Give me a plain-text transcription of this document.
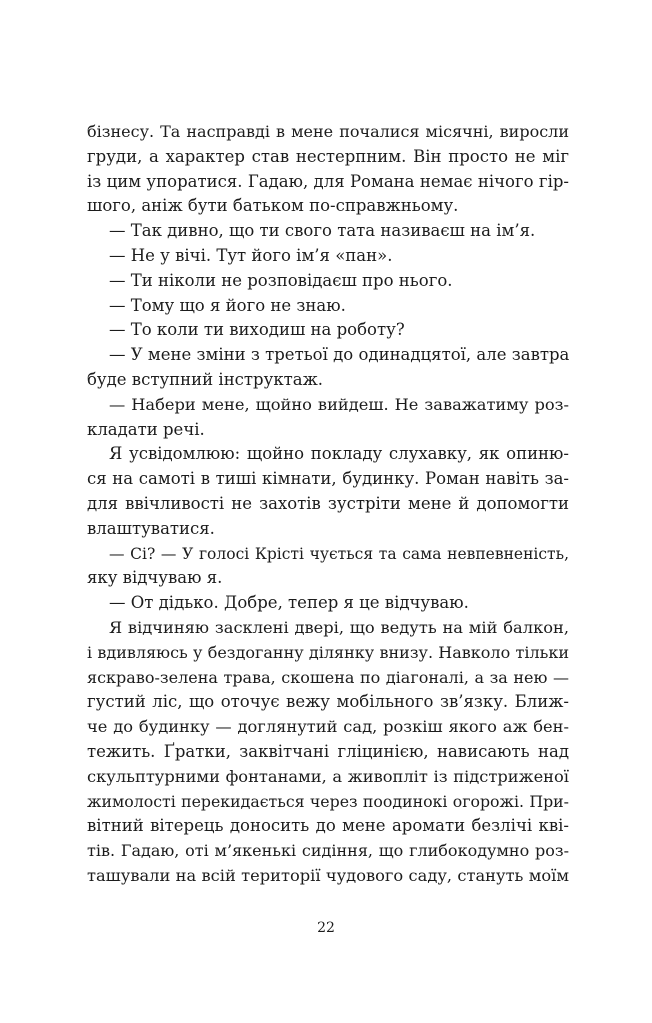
бізнесу. Та насправді в мене почалися місячні, виросли
груди, а характер став нестерпним. Він просто не міг
із цим упоратися. Гадаю, для Романа немає нічого гір-
шого, аніж бути батьком по-справжньому.
— Так дивно, що ти свого тата називаєш на ім’я.
— Не у вічі. Тут його ім’я «пан».
— Ти ніколи не розповідаєш про нього.
— Тому що я його не знаю.
— То коли ти виходиш на роботу?
— У мене зміни з третьої до одинадцятої, але завтра
буде вступний інструктаж.
— Набери мене, щойно вийдеш. Не заважатиму роз-
кладати речі.
Я усвідомлюю: щойно покладу слухавку, як опиню-
ся на самоті в тиші кімнати, будинку. Роман навіть за-
для ввічливості не захотів зустріти мене й допомогти
влаштуватися.
— Сі? — У голосі Крісті чується та сама невпевненість,
яку відчуваю я.
— От дідько. Добре, тепер я це відчуваю.
Я відчиняю засклені двері, що ведуть на мій балкон,
і вдивляюсь у бездоганну ділянку внизу. Навколо тільки
яскраво-зелена трава, скошена по діагоналі, а за нею —
густий ліс, що оточує вежу мобільного зв’язку. Ближ-
че до будинку — доглянутий сад, розкіш якого аж бен-
тежить. Ґратки, заквітчані гліцинією, нависають над
скульптурними фонтанами, а живопліт із підстриженої
жимолості перекидається через поодинокі огорожі. При-
вітний вітерець доносить до мене аромати безлічі кві-
тів. Гадаю, оті м’якенькі сидіння, що глибокодумно роз-
ташували на всій території чудового саду, стануть моїм
22
